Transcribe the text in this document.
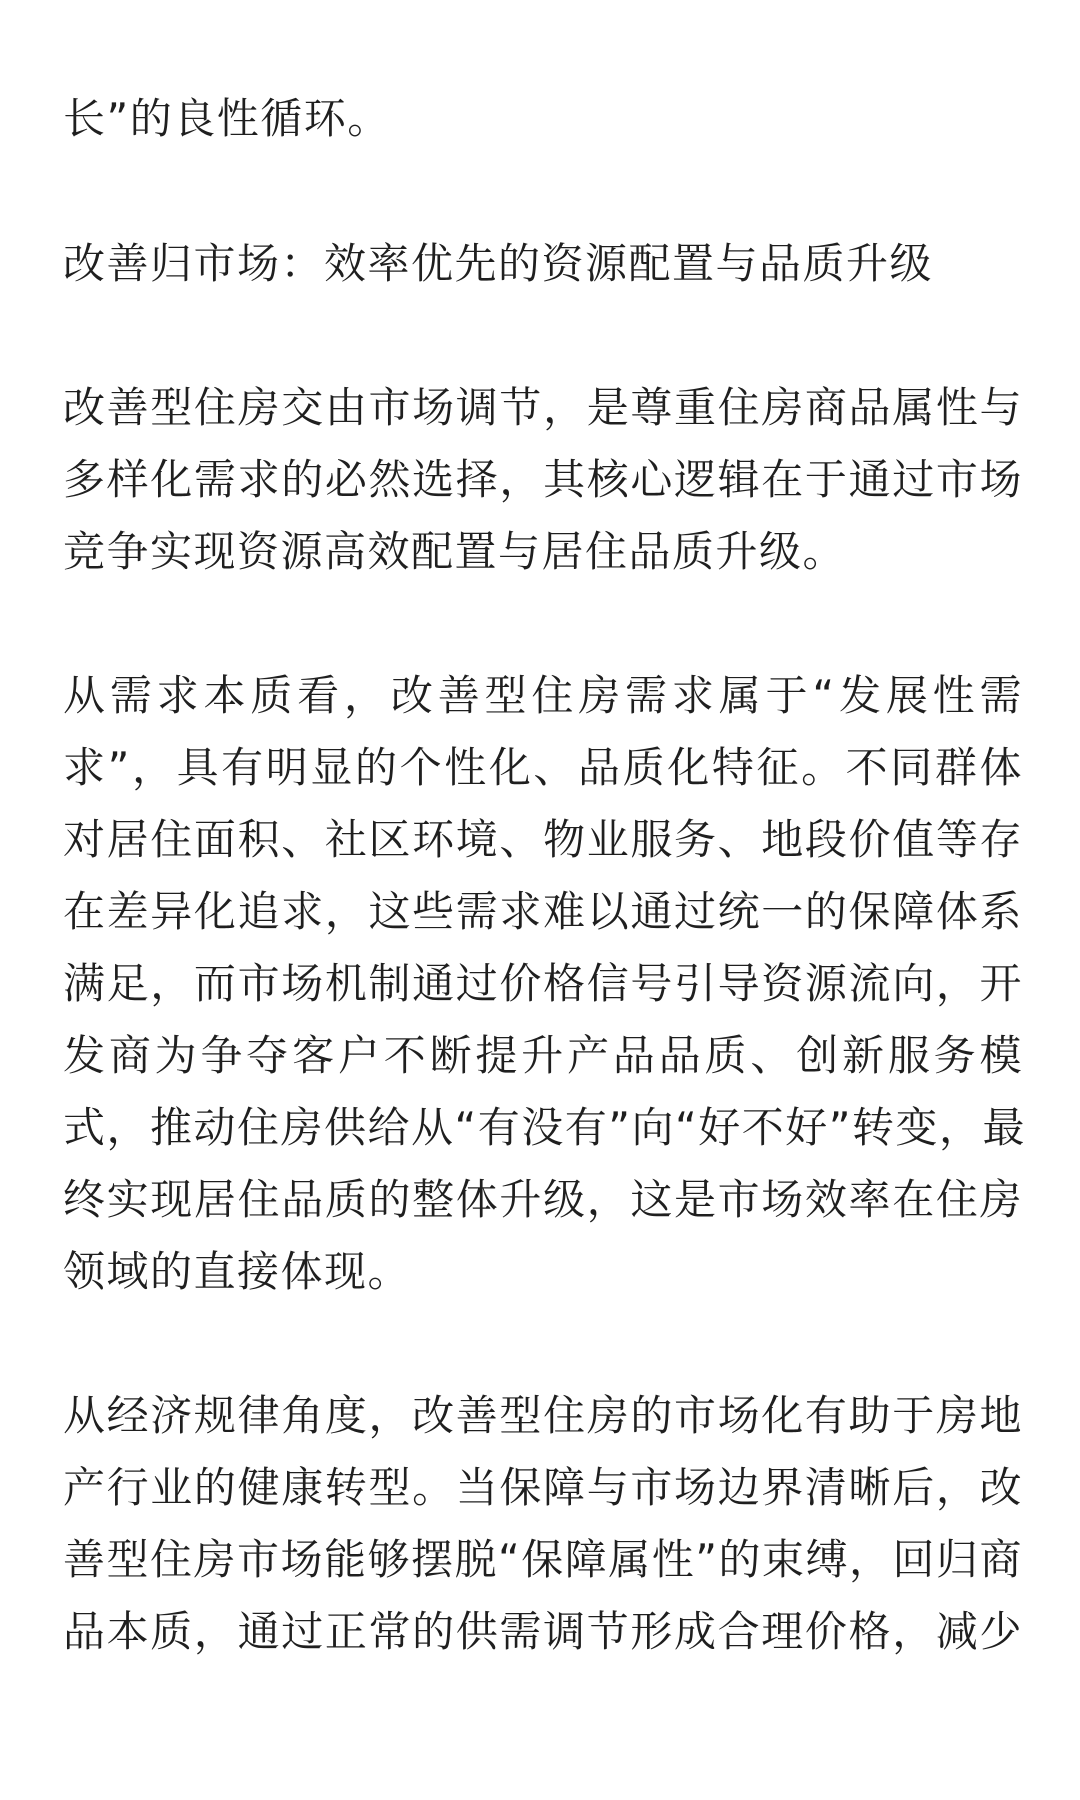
长”的良性循环。
改善归市场：效率优先的资源配置与品质升级
改善型住房交由市场调节，是尊重住房商品属性与
多样化需求的必然选择，其核心逻辑在于通过市场
竞争实现资源高效配置与居住品质升级。
从需求本质看，改善型住房需求属于“发展性需
求”，具有明显的个性化、品质化特征。不同群体
对居住面积、社区环境、物业服务、地段价值等存
在差异化追求，这些需求难以通过统一的保障体系
满足，而市场机制通过价格信号引导资源流向，开
发商为争夺客户不断提升产品品质、创新服务模
式，推动住房供给从“有没有”向“好不好”转变，最
终实现居住品质的整体升级，这是市场效率在住房
领域的直接体现。
从经济规律角度，改善型住房的市场化有助于房地
产行业的健康转型。当保障与市场边界清晰后，改
善型住房市场能够摆脱“保障属性”的束缚，回归商
品本质，通过正常的供需调节形成合理价格，减少
